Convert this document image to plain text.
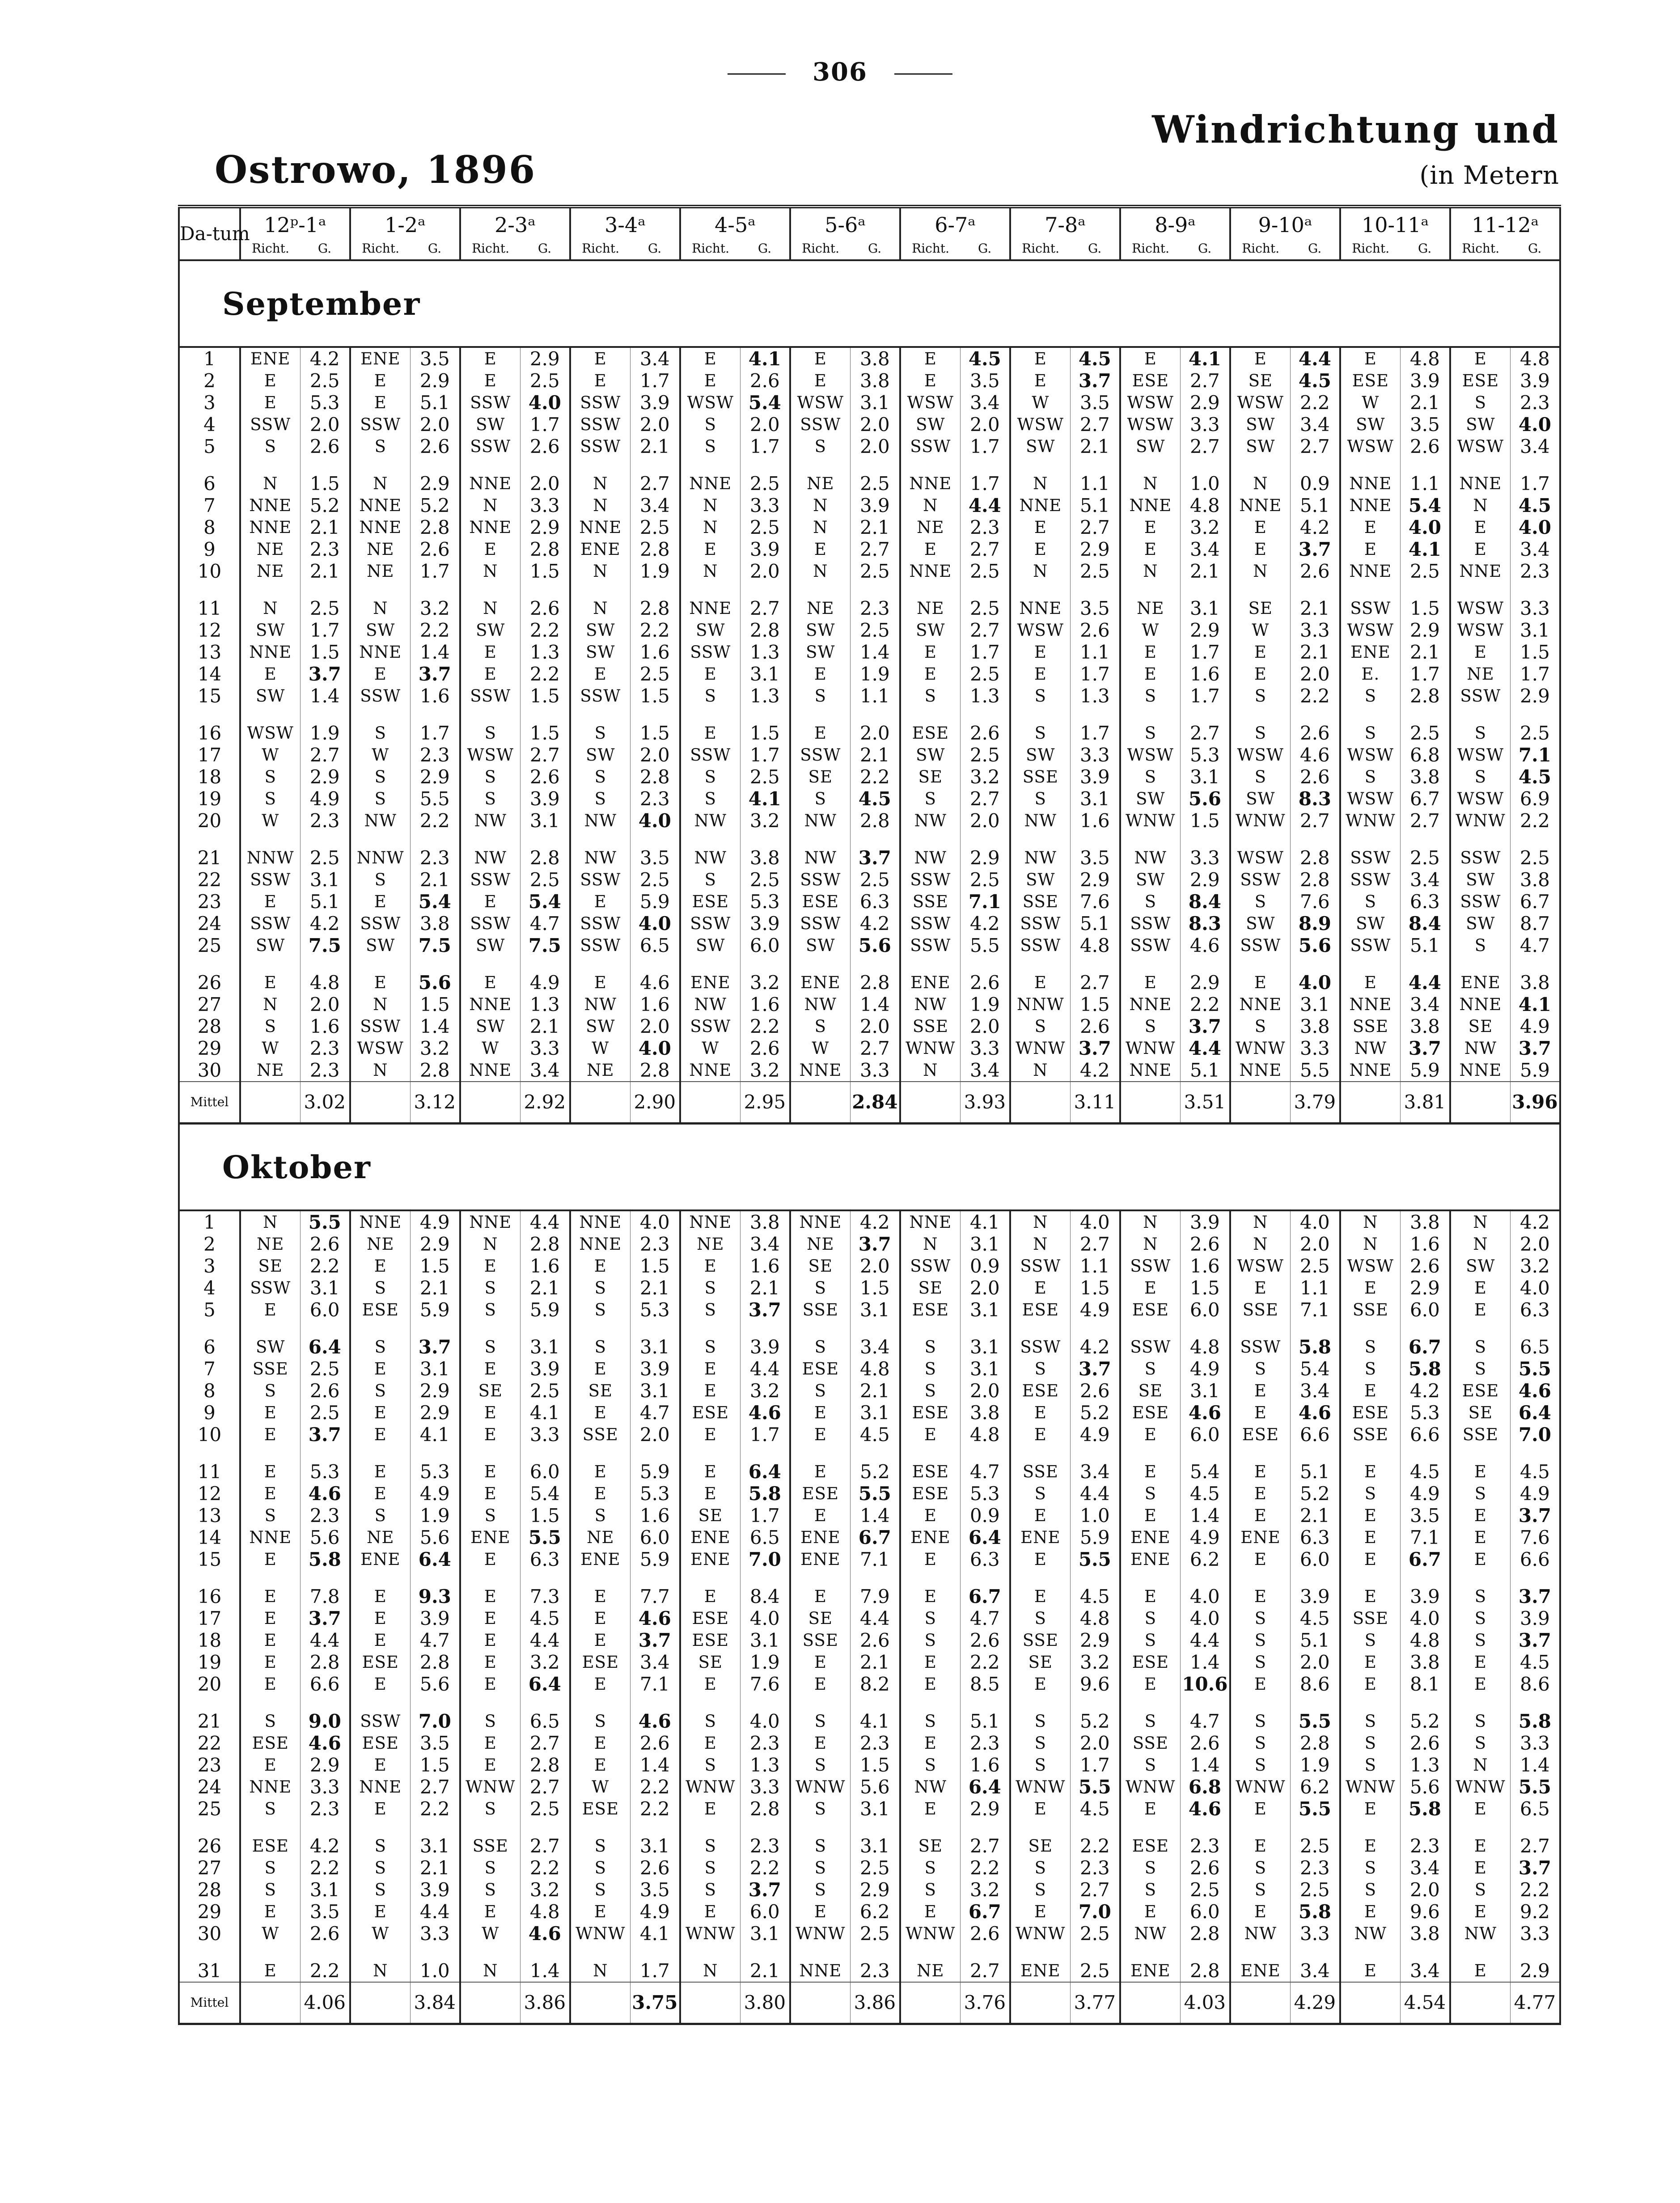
306
Ostrowo, 1896
Windrichtung und
(in Metern
Da-tum	12ᵖ-1ᵃ		1-2ᵃ		2-3ᵃ		3-4ᵃ		4-5ᵃ		5-6ᵃ		6-7ᵃ		7-8ᵃ		8-9ᵃ		9-10ᵃ		10-11ᵃ		11-12ᵃ	
	Richt.	G.	Richt.	G.	Richt.	G.	Richt.	G.	Richt.	G.	Richt.	G.	Richt.	G.	Richt.	G.	Richt.	G.	Richt.	G.	Richt.	G.	Richt.	G.
September																								
1	ENE	4.2	ENE	3.5	E	2.9	E	3.4	E	4.1	E	3.8	E	4.5	E	4.5	E	4.1	E	4.4	E	4.8	E	4.8
2	E	2.5	E	2.9	E	2.5	E	1.7	E	2.6	E	3.8	E	3.5	E	3.7	ESE	2.7	SE	4.5	ESE	3.9	ESE	3.9
3	E	5.3	E	5.1	SSW	4.0	SSW	3.9	WSW	5.4	WSW	3.1	WSW	3.4	W	3.5	WSW	2.9	WSW	2.2	W	2.1	S	2.3
4	SSW	2.0	SSW	2.0	SW	1.7	SSW	2.0	S	2.0	SSW	2.0	SW	2.0	WSW	2.7	WSW	3.3	SW	3.4	SW	3.5	SW	4.0
5	S	2.6	S	2.6	SSW	2.6	SSW	2.1	S	1.7	S	2.0	SSW	1.7	SW	2.1	SW	2.7	SW	2.7	WSW	2.6	WSW	3.4

6	N	1.5	N	2.9	NNE	2.0	N	2.7	NNE	2.5	NE	2.5	NNE	1.7	N	1.1	N	1.0	N	0.9	NNE	1.1	NNE	1.7
7	NNE	5.2	NNE	5.2	N	3.3	N	3.4	N	3.3	N	3.9	N	4.4	NNE	5.1	NNE	4.8	NNE	5.1	NNE	5.4	N	4.5
8	NNE	2.1	NNE	2.8	NNE	2.9	NNE	2.5	N	2.5	N	2.1	NE	2.3	E	2.7	E	3.2	E	4.2	E	4.0	E	4.0
9	NE	2.3	NE	2.6	E	2.8	ENE	2.8	E	3.9	E	2.7	E	2.7	E	2.9	E	3.4	E	3.7	E	4.1	E	3.4
10	NE	2.1	NE	1.7	N	1.5	N	1.9	N	2.0	N	2.5	NNE	2.5	N	2.5	N	2.1	N	2.6	NNE	2.5	NNE	2.3

11	N	2.5	N	3.2	N	2.6	N	2.8	NNE	2.7	NE	2.3	NE	2.5	NNE	3.5	NE	3.1	SE	2.1	SSW	1.5	WSW	3.3
12	SW	1.7	SW	2.2	SW	2.2	SW	2.2	SW	2.8	SW	2.5	SW	2.7	WSW	2.6	W	2.9	W	3.3	WSW	2.9	WSW	3.1
13	NNE	1.5	NNE	1.4	E	1.3	SW	1.6	SSW	1.3	SW	1.4	E	1.7	E	1.1	E	1.7	E	2.1	ENE	2.1	E	1.5
14	E	3.7	E	3.7	E	2.2	E	2.5	E	3.1	E	1.9	E	2.5	E	1.7	E	1.6	E	2.0	E.	1.7	NE	1.7
15	SW	1.4	SSW	1.6	SSW	1.5	SSW	1.5	S	1.3	S	1.1	S	1.3	S	1.3	S	1.7	S	2.2	S	2.8	SSW	2.9

16	WSW	1.9	S	1.7	S	1.5	S	1.5	E	1.5	E	2.0	ESE	2.6	S	1.7	S	2.7	S	2.6	S	2.5	S	2.5
17	W	2.7	W	2.3	WSW	2.7	SW	2.0	SSW	1.7	SSW	2.1	SW	2.5	SW	3.3	WSW	5.3	WSW	4.6	WSW	6.8	WSW	7.1
18	S	2.9	S	2.9	S	2.6	S	2.8	S	2.5	SE	2.2	SE	3.2	SSE	3.9	S	3.1	S	2.6	S	3.8	S	4.5
19	S	4.9	S	5.5	S	3.9	S	2.3	S	4.1	S	4.5	S	2.7	S	3.1	SW	5.6	SW	8.3	WSW	6.7	WSW	6.9
20	W	2.3	NW	2.2	NW	3.1	NW	4.0	NW	3.2	NW	2.8	NW	2.0	NW	1.6	WNW	1.5	WNW	2.7	WNW	2.7	WNW	2.2

21	NNW	2.5	NNW	2.3	NW	2.8	NW	3.5	NW	3.8	NW	3.7	NW	2.9	NW	3.5	NW	3.3	WSW	2.8	SSW	2.5	SSW	2.5
22	SSW	3.1	S	2.1	SSW	2.5	SSW	2.5	S	2.5	SSW	2.5	SSW	2.5	SW	2.9	SW	2.9	SSW	2.8	SSW	3.4	SW	3.8
23	E	5.1	E	5.4	E	5.4	E	5.9	ESE	5.3	ESE	6.3	SSE	7.1	SSE	7.6	S	8.4	S	7.6	S	6.3	SSW	6.7
24	SSW	4.2	SSW	3.8	SSW	4.7	SSW	4.0	SSW	3.9	SSW	4.2	SSW	4.2	SSW	5.1	SSW	8.3	SW	8.9	SW	8.4	SW	8.7
25	SW	7.5	SW	7.5	SW	7.5	SSW	6.5	SW	6.0	SW	5.6	SSW	5.5	SSW	4.8	SSW	4.6	SSW	5.6	SSW	5.1	S	4.7

26	E	4.8	E	5.6	E	4.9	E	4.6	ENE	3.2	ENE	2.8	ENE	2.6	E	2.7	E	2.9	E	4.0	E	4.4	ENE	3.8
27	N	2.0	N	1.5	NNE	1.3	NW	1.6	NW	1.6	NW	1.4	NW	1.9	NNW	1.5	NNE	2.2	NNE	3.1	NNE	3.4	NNE	4.1
28	S	1.6	SSW	1.4	SW	2.1	SW	2.0	SSW	2.2	S	2.0	SSE	2.0	S	2.6	S	3.7	S	3.8	SSE	3.8	SE	4.9
29	W	2.3	WSW	3.2	W	3.3	W	4.0	W	2.6	W	2.7	WNW	3.3	WNW	3.7	WNW	4.4	WNW	3.3	NW	3.7	NW	3.7
30	NE	2.3	N	2.8	NNE	3.4	NE	2.8	NNE	3.2	NNE	3.3	N	3.4	N	4.2	NNE	5.1	NNE	5.5	NNE	5.9	NNE	5.9
Mittel		3.02		3.12		2.92		2.90		2.95		2.84		3.93		3.11		3.51		3.79		3.81		3.96
Oktober																								
1	N	5.5	NNE	4.9	NNE	4.4	NNE	4.0	NNE	3.8	NNE	4.2	NNE	4.1	N	4.0	N	3.9	N	4.0	N	3.8	N	4.2
2	NE	2.6	NE	2.9	N	2.8	NNE	2.3	NE	3.4	NE	3.7	N	3.1	N	2.7	N	2.6	N	2.0	N	1.6	N	2.0
3	SE	2.2	E	1.5	E	1.6	E	1.5	E	1.6	SE	2.0	SSW	0.9	SSW	1.1	SSW	1.6	WSW	2.5	WSW	2.6	SW	3.2
4	SSW	3.1	S	2.1	S	2.1	S	2.1	S	2.1	S	1.5	SE	2.0	E	1.5	E	1.5	E	1.1	E	2.9	E	4.0
5	E	6.0	ESE	5.9	S	5.9	S	5.3	S	3.7	SSE	3.1	ESE	3.1	ESE	4.9	ESE	6.0	SSE	7.1	SSE	6.0	E	6.3

6	SW	6.4	S	3.7	S	3.1	S	3.1	S	3.9	S	3.4	S	3.1	SSW	4.2	SSW	4.8	SSW	5.8	S	6.7	S	6.5
7	SSE	2.5	E	3.1	E	3.9	E	3.9	E	4.4	ESE	4.8	S	3.1	S	3.7	S	4.9	S	5.4	S	5.8	S	5.5
8	S	2.6	S	2.9	SE	2.5	SE	3.1	E	3.2	S	2.1	S	2.0	ESE	2.6	SE	3.1	E	3.4	E	4.2	ESE	4.6
9	E	2.5	E	2.9	E	4.1	E	4.7	ESE	4.6	E	3.1	ESE	3.8	E	5.2	ESE	4.6	E	4.6	ESE	5.3	SE	6.4
10	E	3.7	E	4.1	E	3.3	SSE	2.0	E	1.7	E	4.5	E	4.8	E	4.9	E	6.0	ESE	6.6	SSE	6.6	SSE	7.0

11	E	5.3	E	5.3	E	6.0	E	5.9	E	6.4	E	5.2	ESE	4.7	SSE	3.4	E	5.4	E	5.1	E	4.5	E	4.5
12	E	4.6	E	4.9	E	5.4	E	5.3	E	5.8	ESE	5.5	ESE	5.3	S	4.4	S	4.5	E	5.2	S	4.9	S	4.9
13	S	2.3	S	1.9	S	1.5	S	1.6	SE	1.7	E	1.4	E	0.9	E	1.0	E	1.4	E	2.1	E	3.5	E	3.7
14	NNE	5.6	NE	5.6	ENE	5.5	NE	6.0	ENE	6.5	ENE	6.7	ENE	6.4	ENE	5.9	ENE	4.9	ENE	6.3	E	7.1	E	7.6
15	E	5.8	ENE	6.4	E	6.3	ENE	5.9	ENE	7.0	ENE	7.1	E	6.3	E	5.5	ENE	6.2	E	6.0	E	6.7	E	6.6

16	E	7.8	E	9.3	E	7.3	E	7.7	E	8.4	E	7.9	E	6.7	E	4.5	E	4.0	E	3.9	E	3.9	S	3.7
17	E	3.7	E	3.9	E	4.5	E	4.6	ESE	4.0	SE	4.4	S	4.7	S	4.8	S	4.0	S	4.5	SSE	4.0	S	3.9
18	E	4.4	E	4.7	E	4.4	E	3.7	ESE	3.1	SSE	2.6	S	2.6	SSE	2.9	S	4.4	S	5.1	S	4.8	S	3.7
19	E	2.8	ESE	2.8	E	3.2	ESE	3.4	SE	1.9	E	2.1	E	2.2	SE	3.2	ESE	1.4	S	2.0	E	3.8	E	4.5
20	E	6.6	E	5.6	E	6.4	E	7.1	E	7.6	E	8.2	E	8.5	E	9.6	E	10.6	E	8.6	E	8.1	E	8.6

21	S	9.0	SSW	7.0	S	6.5	S	4.6	S	4.0	S	4.1	S	5.1	S	5.2	S	4.7	S	5.5	S	5.2	S	5.8
22	ESE	4.6	ESE	3.5	E	2.7	E	2.6	E	2.3	E	2.3	E	2.3	S	2.0	SSE	2.6	S	2.8	S	2.6	S	3.3
23	E	2.9	E	1.5	E	2.8	E	1.4	S	1.3	S	1.5	S	1.6	S	1.7	S	1.4	S	1.9	S	1.3	N	1.4
24	NNE	3.3	NNE	2.7	WNW	2.7	W	2.2	WNW	3.3	WNW	5.6	NW	6.4	WNW	5.5	WNW	6.8	WNW	6.2	WNW	5.6	WNW	5.5
25	S	2.3	E	2.2	S	2.5	ESE	2.2	E	2.8	S	3.1	E	2.9	E	4.5	E	4.6	E	5.5	E	5.8	E	6.5

26	ESE	4.2	S	3.1	SSE	2.7	S	3.1	S	2.3	S	3.1	SE	2.7	SE	2.2	ESE	2.3	E	2.5	E	2.3	E	2.7
27	S	2.2	S	2.1	S	2.2	S	2.6	S	2.2	S	2.5	S	2.2	S	2.3	S	2.6	S	2.3	S	3.4	E	3.7
28	S	3.1	S	3.9	S	3.2	S	3.5	S	3.7	S	2.9	S	3.2	S	2.7	S	2.5	S	2.5	S	2.0	S	2.2
29	E	3.5	E	4.4	E	4.8	E	4.9	E	6.0	E	6.2	E	6.7	E	7.0	E	6.0	E	5.8	E	9.6	E	9.2
30	W	2.6	W	3.3	W	4.6	WNW	4.1	WNW	3.1	WNW	2.5	WNW	2.6	WNW	2.5	NW	2.8	NW	3.3	NW	3.8	NW	3.3

31	E	2.2	N	1.0	N	1.4	N	1.7	N	2.1	NNE	2.3	NE	2.7	ENE	2.5	ENE	2.8	ENE	3.4	E	3.4	E	2.9
Mittel		4.06		3.84		3.86		3.75		3.80		3.86		3.76		3.77		4.03		4.29		4.54		4.77
